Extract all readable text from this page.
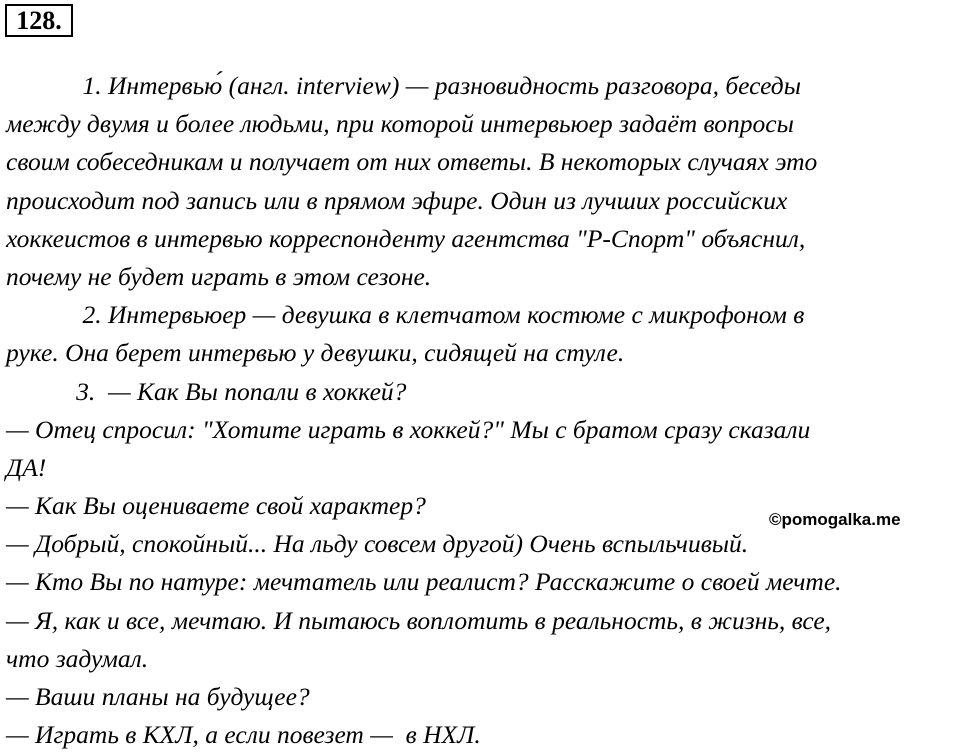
128.
1. Интервью́ (англ. interview) — разновидность разговора, беседы
между двумя и более людьми, при которой интервьюер задаёт вопросы
своим собеседникам и получает от них ответы. В некоторых случаях это
происходит под запись или в прямом эфире. Один из лучших российских
хоккеистов в интервью корреспонденту агентства "Р-Спорт" объяснил,
почему не будет играть в этом сезоне.
2. Интервьюер — девушка в клетчатом костюме с микрофоном в
руке. Она берет интервью у девушки, сидящей на стуле.
3.  — Как Вы попали в хоккей?
— Отец спросил: "Хотите играть в хоккей?" Мы с братом сразу сказали
ДА!
— Как Вы оцениваете свой характер?
— Добрый, спокойный... На льду совсем другой) Очень вспыльчивый.
— Кто Вы по натуре: мечтатель или реалист? Расскажите о своей мечте.
— Я, как и все, мечтаю. И пытаюсь воплотить в реальность, в жизнь, все,
что задумал.
— Ваши планы на будущее?
— Играть в КХЛ, а если повезет —  в НХЛ.
©pomogalka.me
